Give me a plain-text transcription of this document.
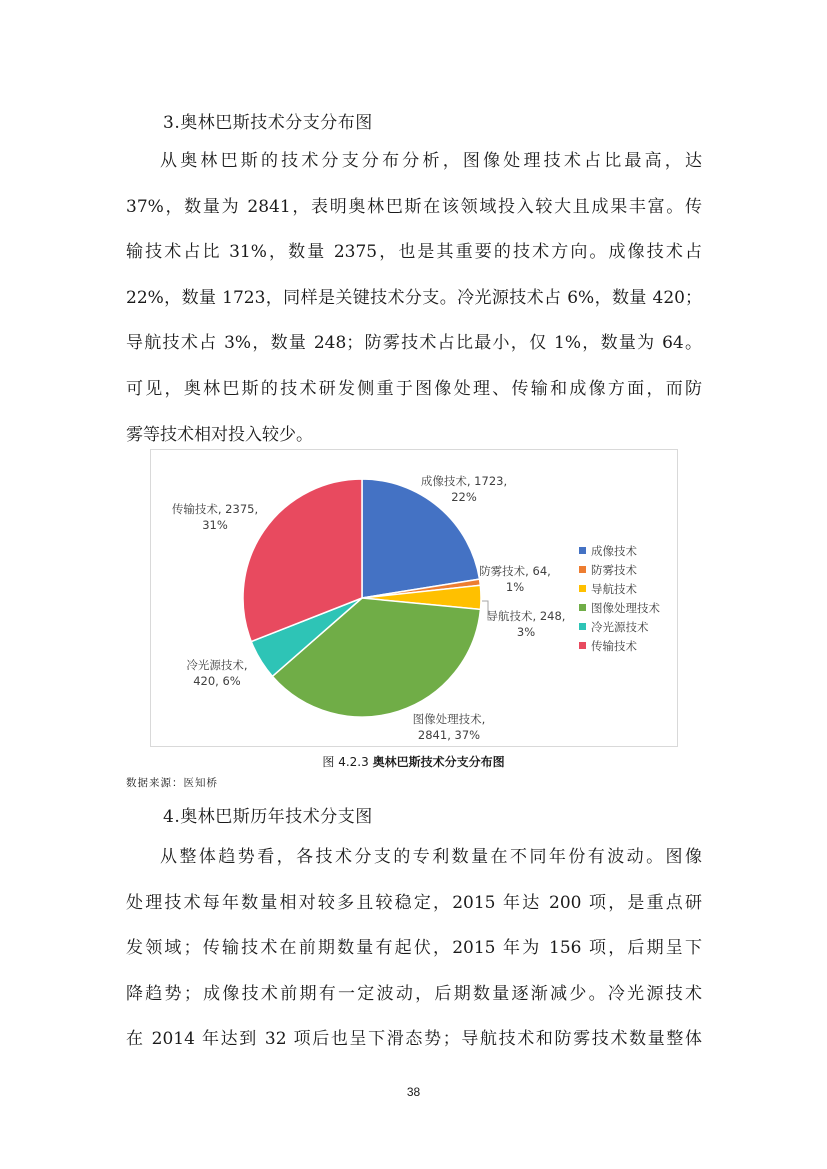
3.奥林巴斯技术分支分布图
从奥林巴斯的技术分支分布分析，图像处理技术占比最高，达
37%，数量为 2841，表明奥林巴斯在该领域投入较大且成果丰富。传
输技术占比 31%，数量 2375，也是其重要的技术方向。成像技术占
22%，数量 1723，同样是关键技术分支。冷光源技术占 6%，数量 420；
导航技术占 3%，数量 248；防雾技术占比最小，仅 1%，数量为 64。
可见，奥林巴斯的技术研发侧重于图像处理、传输和成像方面，而防
雾等技术相对投入较少。
成像技术, 1723, 22%
防雾技术, 64, 1%
导航技术, 248, 3%
图像处理技术, 2841, 37%
冷光源技术, 420, 6%
传输技术, 2375, 31%
成像技术
防雾技术
导航技术
图像处理技术
冷光源技术
传输技术
图 4.2.3 奥林巴斯技术分支分布图
数据来源：医知桥
4.奥林巴斯历年技术分支图
从整体趋势看，各技术分支的专利数量在不同年份有波动。图像
处理技术每年数量相对较多且较稳定，2015 年达 200 项，是重点研
发领域；传输技术在前期数量有起伏，2015 年为 156 项，后期呈下
降趋势；成像技术前期有一定波动，后期数量逐渐减少。冷光源技术
在 2014 年达到 32 项后也呈下滑态势；导航技术和防雾技术数量整体
38
